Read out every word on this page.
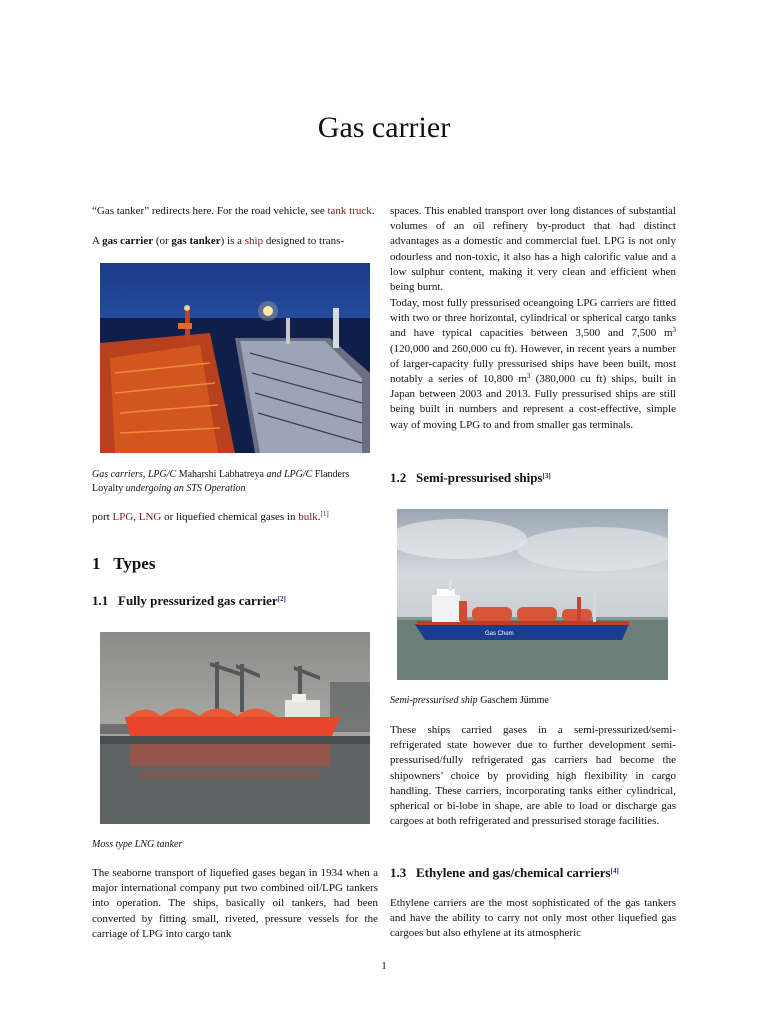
Gas carrier

“Gas tanker” redirects here. For the road vehicle, see tank truck.

A gas carrier (or gas tanker) is a ship designed to trans-

Gas carriers, LPG/C Maharshi Labhatreya and LPG/C Flanders Loyalty undergoing an STS Operation

port LPG, LNG or liquefied chemical gases in bulk.[1]

1 Types
1.1 Fully pressurized gas carrier[2]
Moss type LNG tanker

The seaborne transport of liquefied gases began in 1934 when a major international company put two combined oil/LPG tankers into operation. The ships, basically oil tankers, had been converted by fitting small, riveted, pressure vessels for the carriage of LPG into cargo tank

spaces. This enabled transport over long distances of substantial volumes of an oil refinery by-product that had distinct advantages as a domestic and commercial fuel. LPG is not only odourless and non-toxic, it also has a high calorific value and a low sulphur content, making it very clean and efficient when being burnt.

Today, most fully pressurised oceangoing LPG carriers are fitted with two or three horizontal, cylindrical or spherical cargo tanks and have typical capacities between 3,500 and 7,500 $m^3$ (120,000 and 260,000 cu ft). However, in recent years a number of larger-capacity fully pressurised ships have been built, most notably a series of 10,800 $m^3$ (380,000 cu ft) ships, built in Japan between 2003 and 2013. Fully pressurised ships are still being built in numbers and represent a cost-effective, simple way of moving LPG to and from smaller gas terminals.

1.2 Semi-pressurised ships[3]
Gas Chem

Semi-pressurised ship Gaschem Jümme

These ships carried gases in a semi-pressurized/semi-refrigerated state however due to further development semi-pressurised/fully refrigerated gas carriers had become the shipowners’ choice by providing high flexibility in cargo handling. These carriers, incorporating tanks either cylindrical, spherical or bi-lobe in shape, are able to load or discharge gas cargoes at both refrigerated and pressurised storage facilities.

1.3 Ethylene and gas/chemical carriers[4]

Ethylene carriers are the most sophisticated of the gas tankers and have the ability to carry not only most other liquefied gas cargoes but also ethylene at its atmospheric

1
